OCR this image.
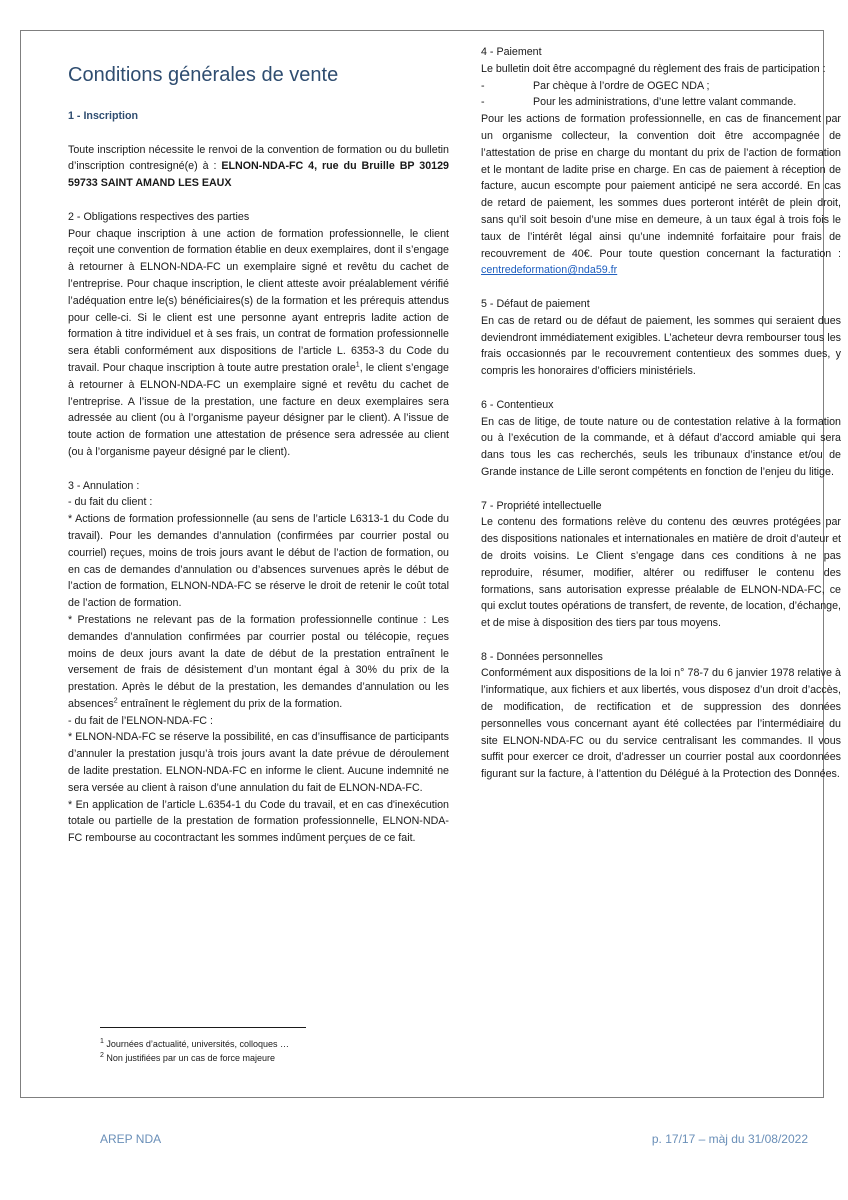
Conditions générales de vente
1 - Inscription

Toute inscription nécessite le renvoi de la convention de formation ou du bulletin d’inscription contresigné(e) à : ELNON-NDA-FC 4, rue du Bruille BP 30129 59733 SAINT AMAND LES EAUX

2 - Obligations respectives des parties

Pour chaque inscription à une action de formation professionnelle, le client reçoit une convention de formation établie en deux exemplaires, dont il s’engage à retourner à ELNON-NDA-FC un exemplaire signé et revêtu du cachet de l’entreprise. Pour chaque inscription, le client atteste avoir préalablement vérifié l’adéquation entre le(s) bénéficiaires(s) de la formation et les prérequis attendus pour celle-ci. Si le client est une personne ayant entrepris ladite action de formation à titre individuel et à ses frais, un contrat de formation professionnelle sera établi conformément aux dispositions de l’article L. 6353-3 du Code du travail. Pour chaque inscription à toute autre prestation orale$^1$, le client s’engage à retourner à ELNON-NDA-FC un exemplaire signé et revêtu du cachet de l’entreprise. A l’issue de la prestation, une facture en deux exemplaires sera adressée au client (ou à l’organisme payeur désigner par le client). A l’issue de toute action de formation une attestation de présence sera adressée au client (ou à l’organisme payeur désigné par le client).

3 - Annulation :

- du fait du client :

* Actions de formation professionnelle (au sens de l’article L6313-1 du Code du travail). Pour les demandes d’annulation (confirmées par courrier postal ou courriel) reçues, moins de trois jours avant le début de l’action de formation, ou en cas de demandes d’annulation ou d’absences survenues après le début de l’action de formation, ELNON-NDA-FC se réserve le droit de retenir le coût total de l’action de formation.

* Prestations ne relevant pas de la formation professionnelle continue : Les demandes d’annulation confirmées par courrier postal ou télécopie, reçues moins de deux jours avant la date de début de la prestation entraînent le versement de frais de désistement d’un montant égal à 30% du prix de la prestation. Après le début de la prestation, les demandes d’annulation ou les absences$^2$ entraînent le règlement du prix de la formation.

- du fait de l’ELNON-NDA-FC :

* ELNON-NDA-FC se réserve la possibilité, en cas d’insuffisance de participants d’annuler la prestation jusqu’à trois jours avant la date prévue de déroulement de ladite prestation. ELNON-NDA-FC en informe le client. Aucune indemnité ne sera versée au client à raison d’une annulation du fait de ELNON-NDA-FC.

* En application de l’article L.6354-1 du Code du travail, et en cas d'inexécution totale ou partielle de la prestation de formation professionnelle, ELNON-NDA-FC rembourse au cocontractant les sommes indûment perçues de ce fait.

4 - Paiement

Le bulletin doit être accompagné du règlement des frais de participation :

-	Par chèque à l’ordre de OGEC NDA ;
-	Pour les administrations, d’une lettre valant commande.

Pour les actions de formation professionnelle, en cas de financement par un organisme collecteur, la convention doit être accompagnée de l’attestation de prise en charge du montant du prix de l’action de formation et le montant de ladite prise en charge. En cas de paiement à réception de facture, aucun escompte pour paiement anticipé ne sera accordé. En cas de retard de paiement, les sommes dues porteront intérêt de plein droit, sans qu’il soit besoin d’une mise en demeure, à un taux égal à trois fois le taux de l’intérêt légal ainsi qu’une indemnité forfaitaire pour frais de recouvrement de 40€. Pour toute question concernant la facturation : centredeformation@nda59.fr

5 - Défaut de paiement

En cas de retard ou de défaut de paiement, les sommes qui seraient dues deviendront immédiatement exigibles. L’acheteur devra rembourser tous les frais occasionnés par le recouvrement contentieux des sommes dues, y compris les honoraires d’officiers ministériels.

6 - Contentieux

En cas de litige, de toute nature ou de contestation relative à la formation ou à l’exécution de la commande, et à défaut d’accord amiable qui sera dans tous les cas recherchés, seuls les tribunaux d’instance et/ou de Grande instance de Lille seront compétents en fonction de l’enjeu du litige.

7 - Propriété intellectuelle

Le contenu des formations relève du contenu des œuvres protégées par des dispositions nationales et internationales en matière de droit d’auteur et de droits voisins. Le Client s’engage dans ces conditions à ne pas reproduire, résumer, modifier, altérer ou rediffuser le contenu des formations, sans autorisation expresse préalable de ELNON-NDA-FC, ce qui exclut toutes opérations de transfert, de revente, de location, d’échange, et de mise à disposition des tiers par tous moyens.

8 - Données personnelles

Conformément aux dispositions de la loi n° 78-7 du 6 janvier 1978 relative à l’informatique, aux fichiers et aux libertés, vous disposez d’un droit d’accès, de modification, de rectification et de suppression des données personnelles vous concernant ayant été collectées par l’intermédiaire du site ELNON-NDA-FC ou du service centralisant les commandes. Il vous suffit pour exercer ce droit, d’adresser un courrier postal aux coordonnées figurant sur la facture, à l’attention du Délégué à la Protection des Données.

$^1$ Journées d’actualité, universités, colloques …
$^2$ Non justifiées par un cas de force majeure
AREP NDA	p. 17/17 – màj du 31/08/2022
